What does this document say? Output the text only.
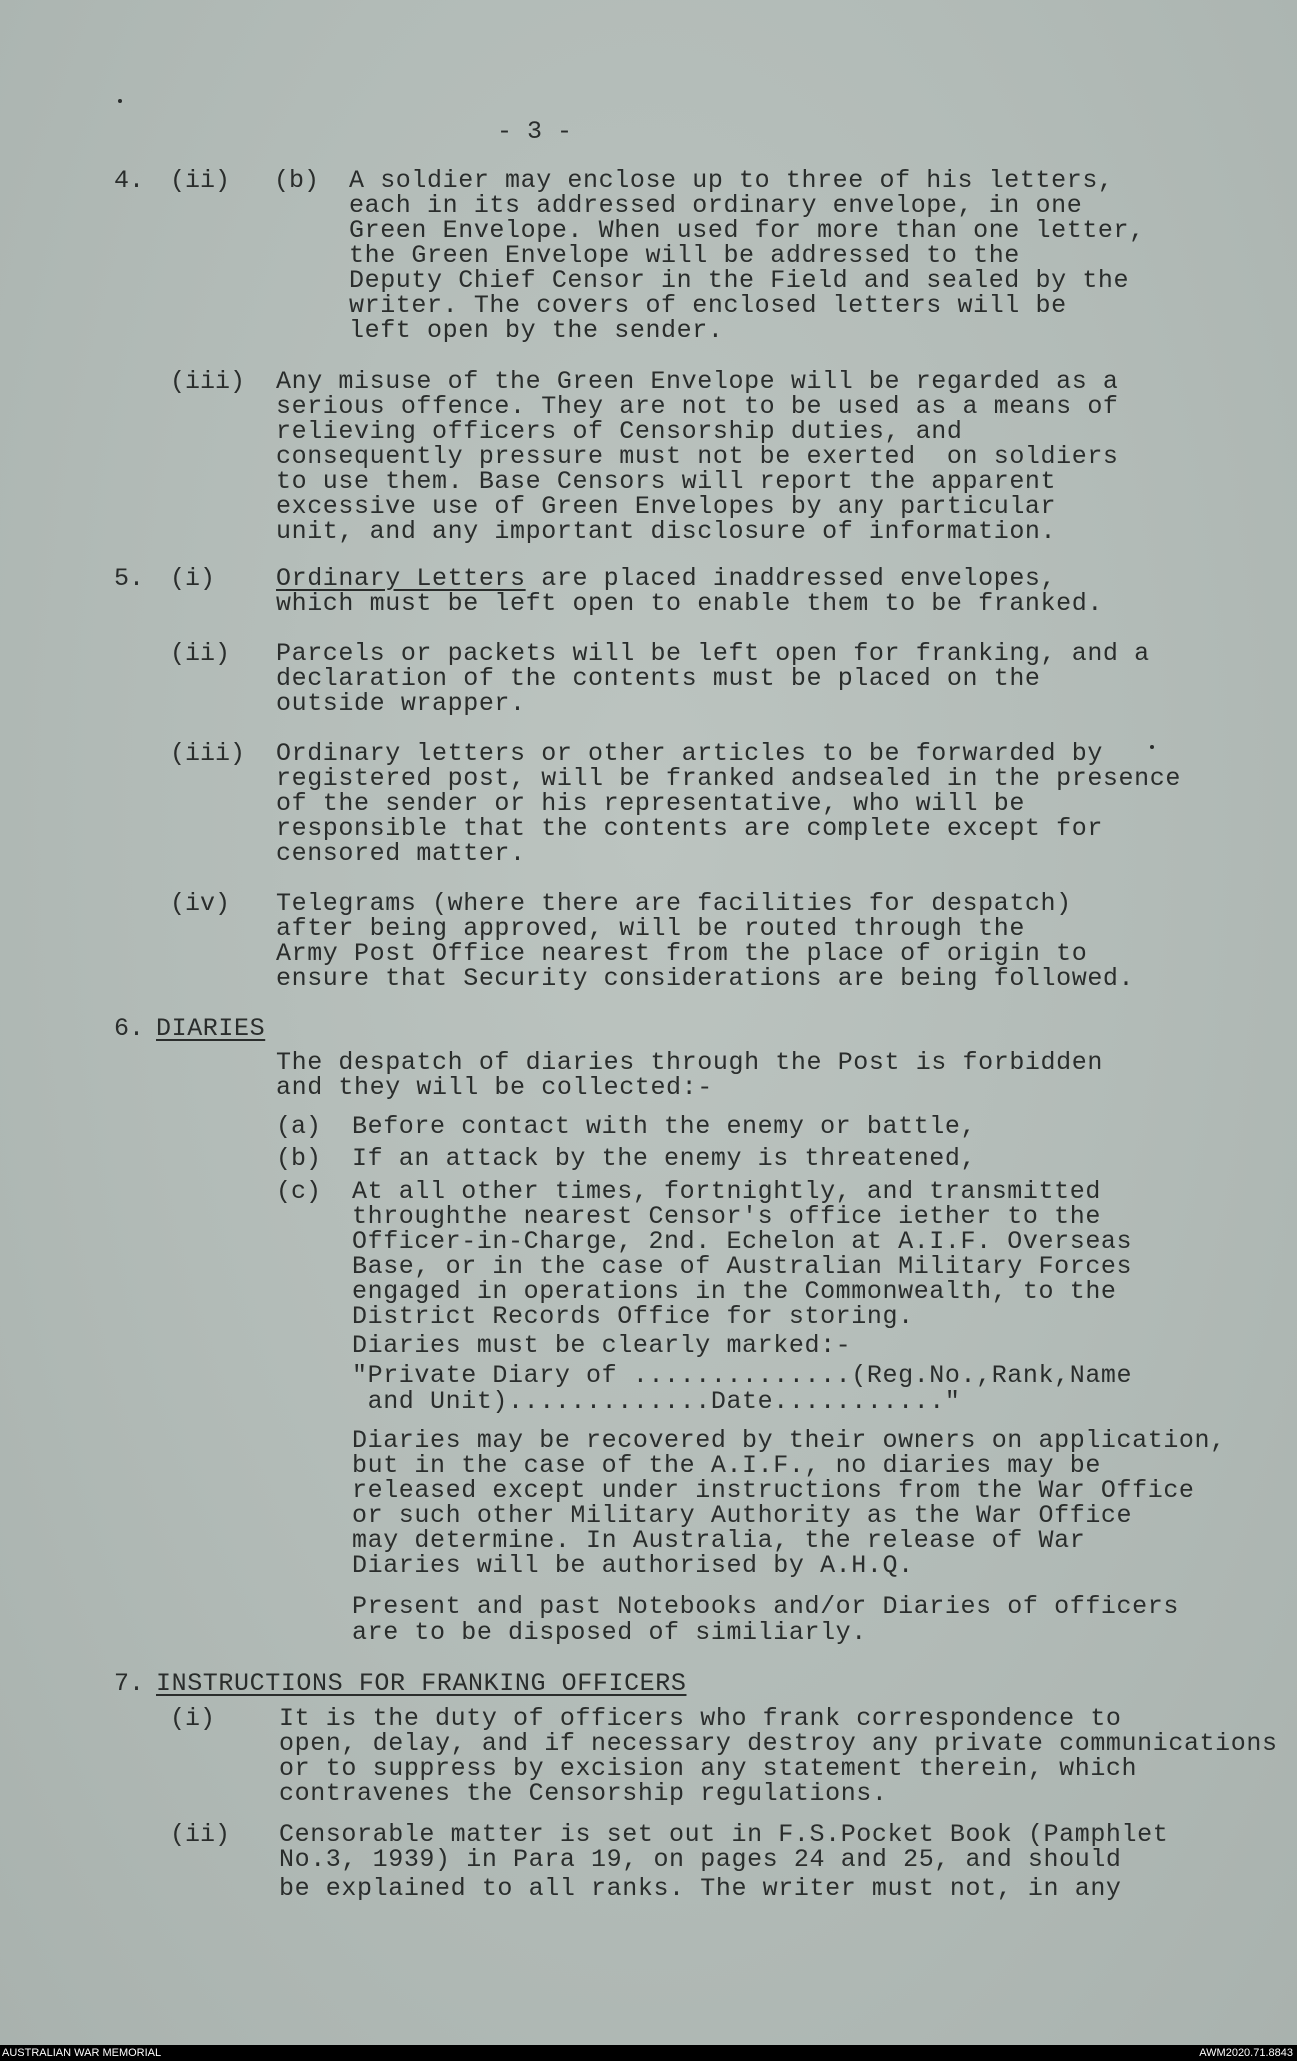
- 3 -
4. (ii) (b) A soldier may enclose up to three of his letters,
each in its addressed ordinary envelope, in one
Green Envelope. When used for more than one letter,
the Green Envelope will be addressed to the
Deputy Chief Censor in the Field and sealed by the
writer. The covers of enclosed letters will be
left open by the sender.
(iii) Any misuse of the Green Envelope will be regarded as a
serious offence. They are not to be used as a means of
relieving officers of Censorship duties, and
consequently pressure must not be exerted  on soldiers
to use them. Base Censors will report the apparent
excessive use of Green Envelopes by any particular
unit, and any important disclosure of information.
5. (i) Ordinary Letters are placed inaddressed envelopes,
which must be left open to enable them to be franked.
(ii) Parcels or packets will be left open for franking, and a
declaration of the contents must be placed on the
outside wrapper.
(iii) Ordinary letters or other articles to be forwarded by
registered post, will be franked andsealed in the presence
of the sender or his representative, who will be
responsible that the contents are complete except for
censored matter.
(iv) Telegrams (where there are facilities for despatch)
after being approved, will be routed through the
Army Post Office nearest from the place of origin to
ensure that Security considerations are being followed.
6. DIARIES
The despatch of diaries through the Post is forbidden
and they will be collected:-
(a) Before contact with the enemy or battle,
(b) If an attack by the enemy is threatened,
(c) At all other times, fortnightly, and transmitted
throughthe nearest Censor's office iether to the
Officer-in-Charge, 2nd. Echelon at A.I.F. Overseas
Base, or in the case of Australian Military Forces
engaged in operations in the Commonwealth, to the
District Records Office for storing.
Diaries must be clearly marked:-
"Private Diary of ..............(Reg.No.,Rank,Name
and Unit).............Date..........."
Diaries may be recovered by their owners on application,
but in the case of the A.I.F., no diaries may be
released except under instructions from the War Office
or such other Military Authority as the War Office
may determine. In Australia, the release of War
Diaries will be authorised by A.H.Q.
Present and past Notebooks and/or Diaries of officers
are to be disposed of similiarly.
7. INSTRUCTIONS FOR FRANKING OFFICERS
(i)	It is the duty of officers who frank correspondence to
open, delay, and if necessary destroy any private communications
or to suppress by excision any statement therein, which
contravenes the Censorship regulations.
(ii) Censorable matter is set out in F.S.Pocket Book (Pamphlet
No.3, 1939) in Para 19, on pages 24 and 25, and should
be explained to all ranks. The writer must not, in any
AUSTRALIAN WAR MEMORIAL	AWM2020.71.8843
